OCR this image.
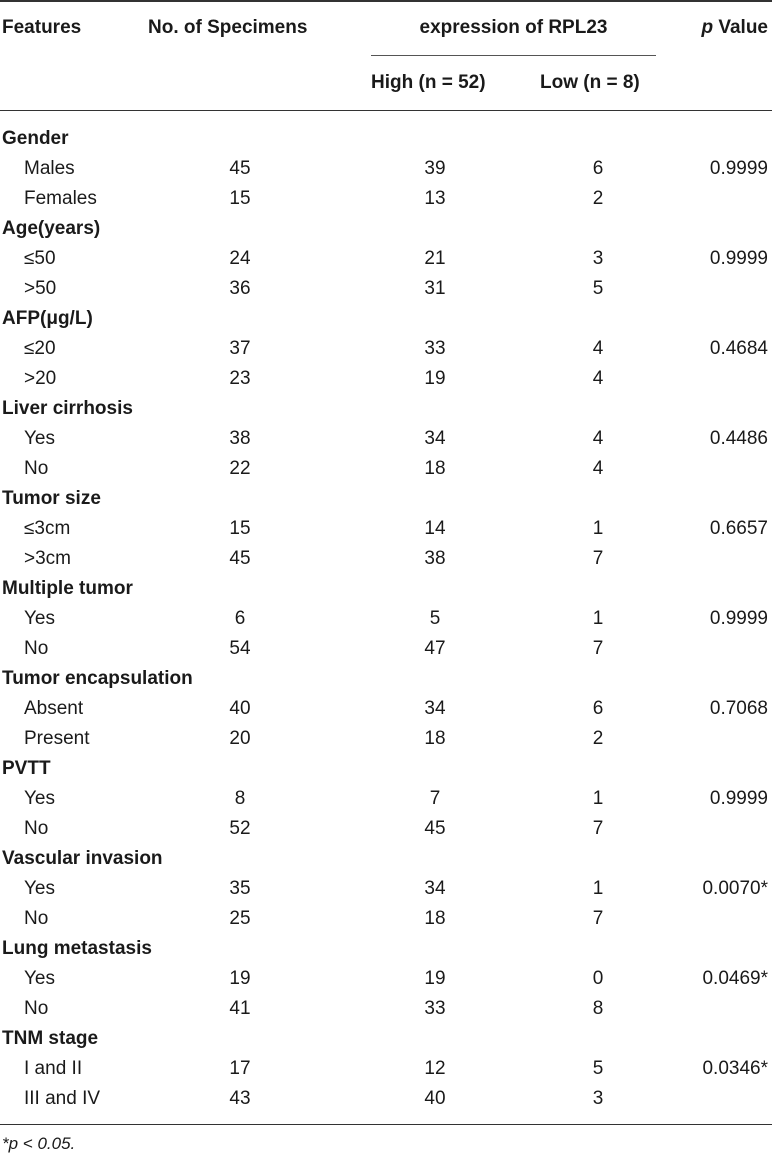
Features	No. of Specimens	expression of RPL23
High (n = 52)	Low (n = 8)
p Value
Gender
Males	45	39	6	0.9999
Females	15	13	2
Age(years)
≤50	24	21	3	0.9999
>50	36	31	5
AFP(μg/L)
≤20	37	33	4	0.4684
>20	23	19	4
Liver cirrhosis
Yes	38	34	4	0.4486
No	22	18	4
Tumor size
≤3cm	15	14	1	0.6657
>3cm	45	38	7
Multiple tumor
Yes	6	5	1	0.9999
No	54	47	7
Tumor encapsulation
Absent	40	34	6	0.7068
Present	20	18	2
PVTT
Yes	8	7	1	0.9999
No	52	45	7
Vascular invasion
Yes	35	34	1	0.0070*
No	25	18	7
Lung metastasis
Yes	19	19	0	0.0469*
No	41	33	8
TNM stage
I and II	17	12	5	0.0346*
III and IV	43	40	3
*p < 0.05.
